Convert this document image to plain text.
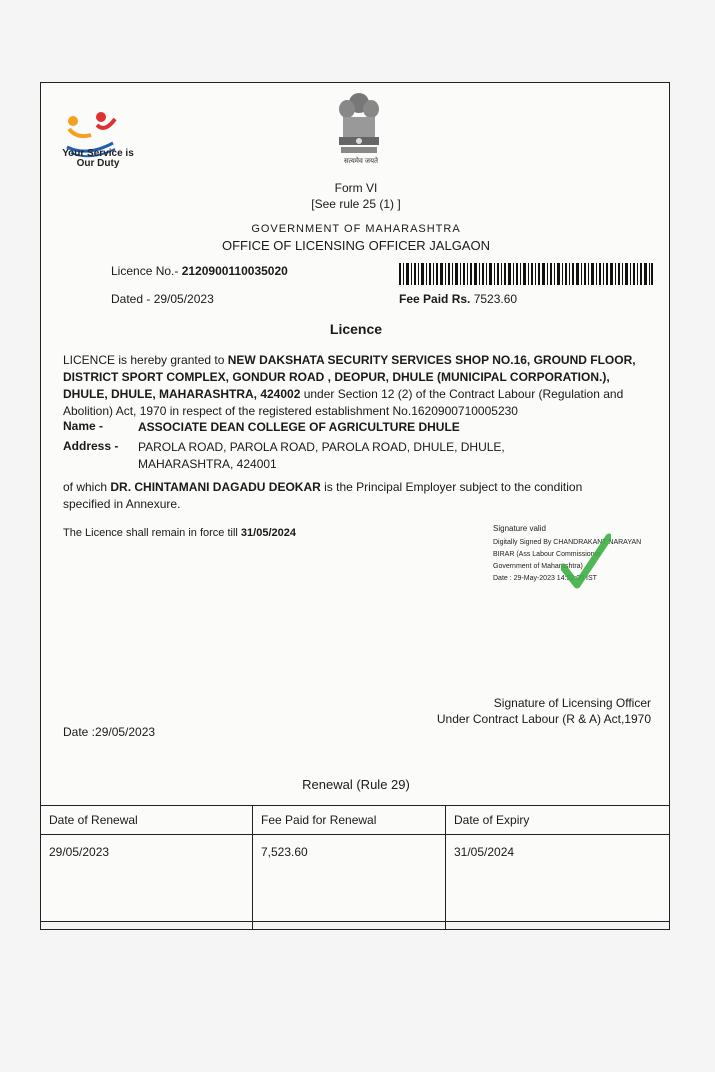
Your Service is Our Duty	सत्यमेव जयते
Form VI
[See rule 25 (1) ]
GOVERNMENT OF MAHARASHTRA
OFFICE OF LICENSING OFFICER JALGAON
Licence No.- 2120900110035020
Dated - 29/05/2023	Fee Paid Rs. 7523.60
Licence
LICENCE is hereby granted to NEW DAKSHATA SECURITY SERVICES SHOP NO.16, GROUND FLOOR, DISTRICT SPORT COMPLEX, GONDUR ROAD , DEOPUR, DHULE (MUNICIPAL CORPORATION.), DHULE, DHULE, MAHARASHTRA, 424002 under Section 12 (2) of the Contract Labour (Regulation and Abolition) Act, 1970 in respect of the registered establishment No.1620900710005230
Name -	ASSOCIATE DEAN COLLEGE OF AGRICULTURE DHULE
Address - PAROLA ROAD, PAROLA ROAD, PAROLA ROAD, DHULE, DHULE,
MAHARASHTRA, 424001
of which DR. CHINTAMANI DAGADU DEOKAR is the Principal Employer subject to the condition specified in Annexure.
The Licence shall remain in force till 31/05/2024	Signature valid
Digitally Signed By CHANDRAKANT NARAYAN
BIRAR (Ass Labour Commissioner
Government of Maharashtra)
Date : 29-May-2023 14:52:05 IST
Signature of Licensing Officer
Under Contract Labour (R & A) Act,1970
Date :29/05/2023
Renewal (Rule 29)
Date of Renewal	Fee Paid for Renewal	Date of Expiry
29/05/2023	7,523.60	31/05/2024
